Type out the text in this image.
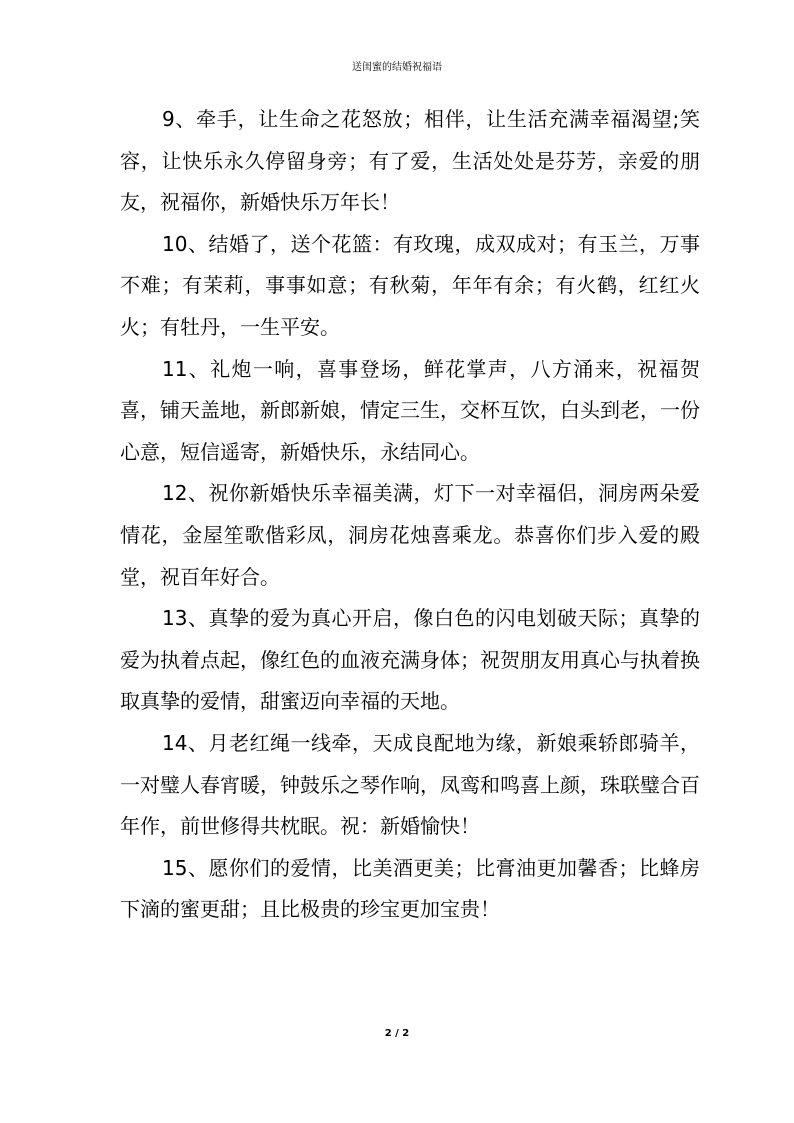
送闺蜜的结婚祝福语

9、牵手，让生命之花怒放；相伴，让生活充满幸福渴望;笑容，让快乐永久停留身旁；有了爱，生活处处是芬芳，亲爱的朋友，祝福你，新婚快乐万年长！

10、结婚了，送个花篮：有玫瑰，成双成对；有玉兰，万事不难；有茉莉，事事如意；有秋菊，年年有余；有火鹤，红红火火；有牡丹，一生平安。

11、礼炮一响，喜事登场，鲜花掌声，八方涌来，祝福贺喜，铺天盖地，新郎新娘，情定三生，交杯互饮，白头到老，一份心意，短信遥寄，新婚快乐，永结同心。

12、祝你新婚快乐幸福美满，灯下一对幸福侣，洞房两朵爱情花，金屋笙歌偕彩凤，洞房花烛喜乘龙。恭喜你们步入爱的殿堂，祝百年好合。

13、真挚的爱为真心开启，像白色的闪电划破天际；真挚的爱为执着点起，像红色的血液充满身体；祝贺朋友用真心与执着换取真挚的爱情，甜蜜迈向幸福的天地。

14、月老红绳一线牵，天成良配地为缘，新娘乘轿郎骑羊，一对璧人春宵暖，钟鼓乐之琴作响，凤鸾和鸣喜上颜，珠联璧合百年作，前世修得共枕眠。祝：新婚愉快！

15、愿你们的爱情，比美酒更美；比膏油更加馨香；比蜂房下滴的蜜更甜；且比极贵的珍宝更加宝贵！

2 / 2
